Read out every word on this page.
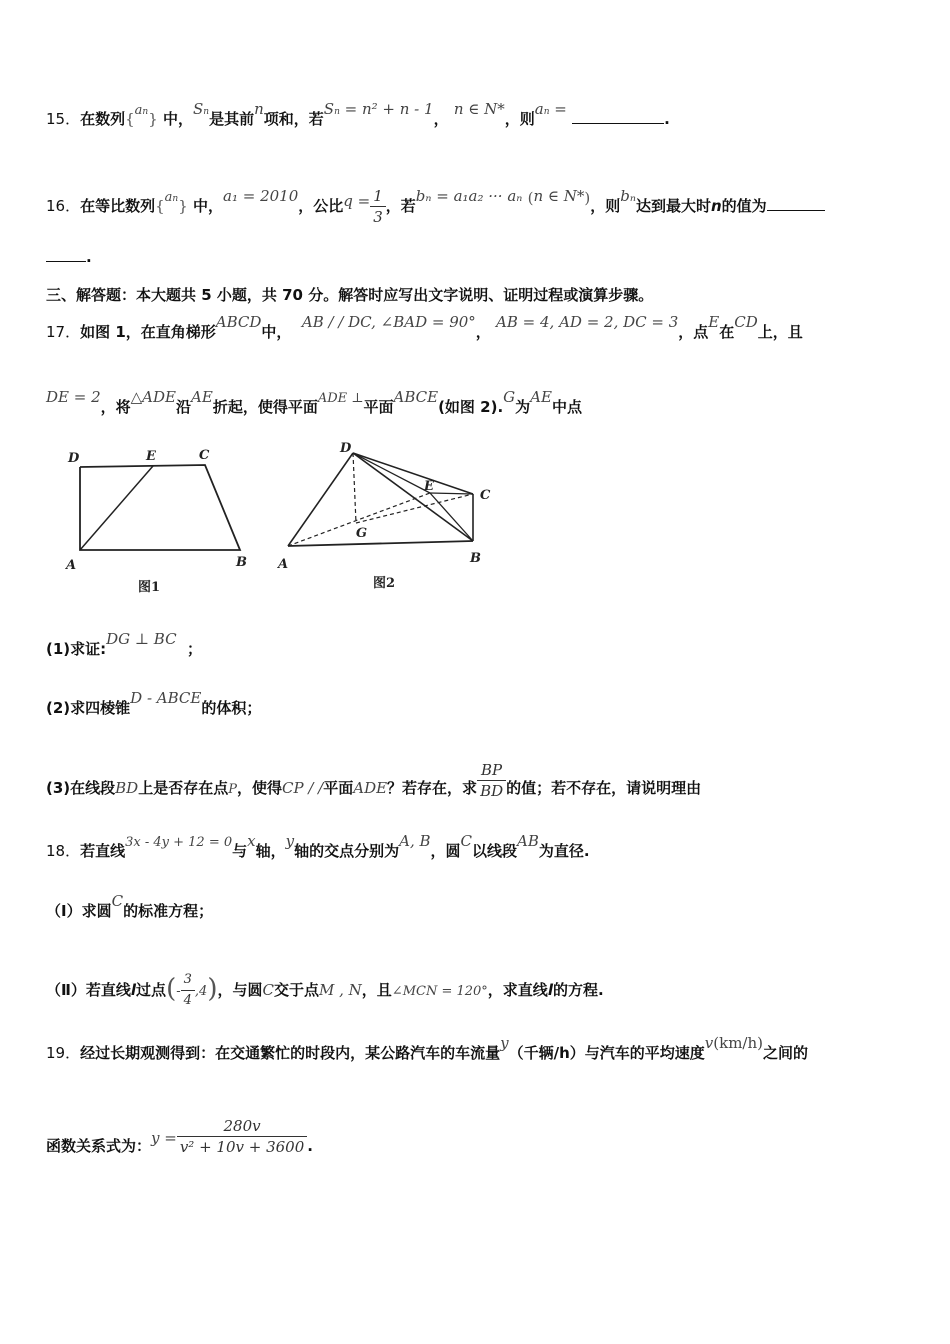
15．在数列$\{a^n\}$ 中，$S^n$是其前n项和，若$S^n = n^2 + n - 1$， n ∈ N*，则$a^n$ = .
16．在等比数列$\{a^n\}$ 中，a₁ = 2010，公比$q = \frac{1}{3}$ ，若bₙ = a₁a₂ ··· aₙ (n ∈ N*)，则bₙ达到最大时n的值为
.
三、解答题：本大题共 5 小题，共 70 分。解答时应写出文字说明、证明过程或演算步骤。
17．如图 1，在直角梯形ABCD中，  AB / / DC, ∠BAD = 90°， AB = 4, AD = 2, DC = 3，点E在CD上，且
DE = 2，将△ADE沿AE折起，使得平面ADE ⊥平面ABCE(如图 2).G为AE中点
D	E	C
A	B
图1
D
E
C
G
A	B
图2
(1)求证:DG ⊥ BC  ；
(2)求四棱锥D - ABCE的体积；
(3)在线段BD上是否存在点P，使得CP / /平面ADE？若存在，求 $\frac{BP}{BD}$ 的值；若不存在，请说明理由
18．若直线3x - 4y + 12 = 0与x轴，y轴的交点分别为A, B，圆C以线段AB为直径.
（Ⅰ）求圆C的标准方程；
（Ⅱ）若直线l过点(- $\frac{3}{4} ,4$)，与圆C交于点M , N，且∠MCN = 120°，求直线l的方程.
19．经过长期观测得到：在交通繁忙的时段内，某公路汽车的车流量y（千辆/h）与汽车的平均速度v(km/h)之间的
函数关系式为：$y = \frac{280v}{\text{v² + 10v + 3600}}$ .
